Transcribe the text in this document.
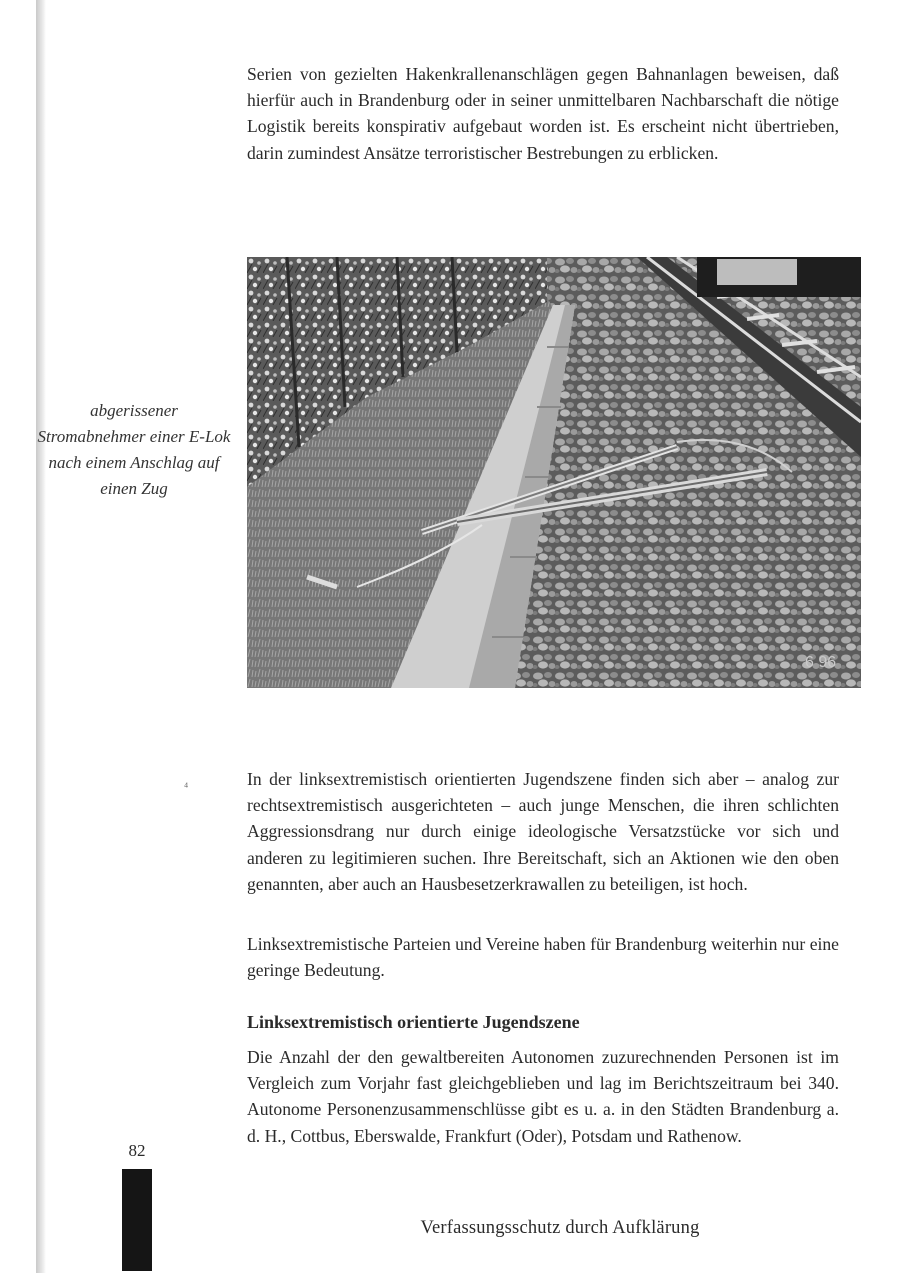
Serien von gezielten Hakenkrallenanschlägen gegen Bahnanlagen beweisen, daß hierfür auch in Brandenburg oder in seiner unmittelbaren Nachbarschaft die nötige Logistik bereits konspirativ aufgebaut worden ist. Es erscheint nicht übertrieben, darin zumindest Ansätze terroristischer Bestrebungen zu erblicken.

6 96

abgerissener Stromabnehmer einer E-Lok nach einem Anschlag auf einen Zug

⁴	In der linksextremistisch orientierten Jugendszene finden sich aber – analog zur rechtsextremistisch ausgerichteten – auch junge Menschen, die ihren schlichten Aggressionsdrang nur durch einige ideologische Versatzstücke vor sich und anderen zu legitimieren suchen. Ihre Bereitschaft, sich an Aktionen wie den oben genannten, aber auch an Hausbesetzerkrawallen zu beteiligen, ist hoch.

Linksextremistische Parteien und Vereine haben für Brandenburg weiterhin nur eine geringe Bedeutung.

Linksextremistisch orientierte Jugendszene

Die Anzahl der den gewaltbereiten Autonomen zuzurechnenden Personen ist im Vergleich zum Vorjahr fast gleichgeblieben und lag im Berichtszeitraum bei 340. Autonome Personenzusammenschlüsse gibt es u. a. in den Städten Brandenburg a. d. H., Cottbus, Eberswalde, Frankfurt (Oder), Potsdam und Rathenow.

82

Verfassungsschutz durch Aufklärung
